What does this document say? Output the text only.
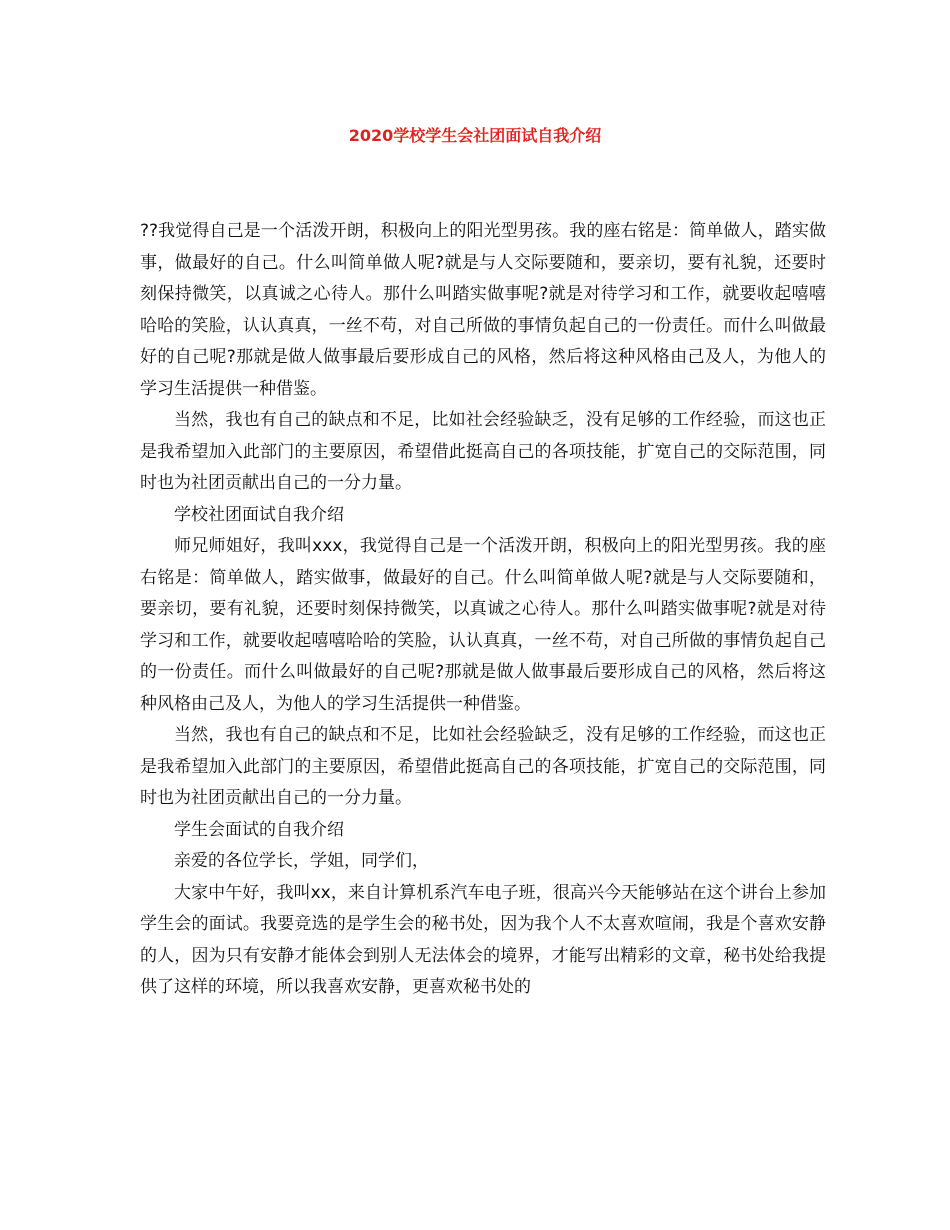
2020学校学生会社团面试自我介绍

??我觉得自己是一个活泼开朗，积极向上的阳光型男孩。我的座右铭是：简单做人，踏实做事，做最好的自己。什么叫简单做人呢?就是与人交际要随和，要亲切，要有礼貌，还要时刻保持微笑，以真诚之心待人。那什么叫踏实做事呢?就是对待学习和工作，就要收起嘻嘻哈哈的笑脸，认认真真，一丝不苟，对自己所做的事情负起自己的一份责任。而什么叫做最好的自己呢?那就是做人做事最后要形成自己的风格，然后将这种风格由己及人，为他人的学习生活提供一种借鉴。

当然，我也有自己的缺点和不足，比如社会经验缺乏，没有足够的工作经验，而这也正是我希望加入此部门的主要原因，希望借此挺高自己的各项技能，扩宽自己的交际范围，同时也为社团贡献出自己的一分力量。

学校社团面试自我介绍

师兄师姐好，我叫xxx，我觉得自己是一个活泼开朗，积极向上的阳光型男孩。我的座右铭是：简单做人，踏实做事，做最好的自己。什么叫简单做人呢?就是与人交际要随和，要亲切，要有礼貌，还要时刻保持微笑，以真诚之心待人。那什么叫踏实做事呢?就是对待学习和工作，就要收起嘻嘻哈哈的笑脸，认认真真，一丝不苟，对自己所做的事情负起自己的一份责任。而什么叫做最好的自己呢?那就是做人做事最后要形成自己的风格，然后将这种风格由己及人，为他人的学习生活提供一种借鉴。

当然，我也有自己的缺点和不足，比如社会经验缺乏，没有足够的工作经验，而这也正是我希望加入此部门的主要原因，希望借此挺高自己的各项技能，扩宽自己的交际范围，同时也为社团贡献出自己的一分力量。

学生会面试的自我介绍

亲爱的各位学长，学姐，同学们，

大家中午好，我叫xx，来自计算机系汽车电子班，很高兴今天能够站在这个讲台上参加学生会的面试。我要竞选的是学生会的秘书处，因为我个人不太喜欢喧闹，我是个喜欢安静的人，因为只有安静才能体会到别人无法体会的境界，才能写出精彩的文章，秘书处给我提供了这样的环境，所以我喜欢安静，更喜欢秘书处的
